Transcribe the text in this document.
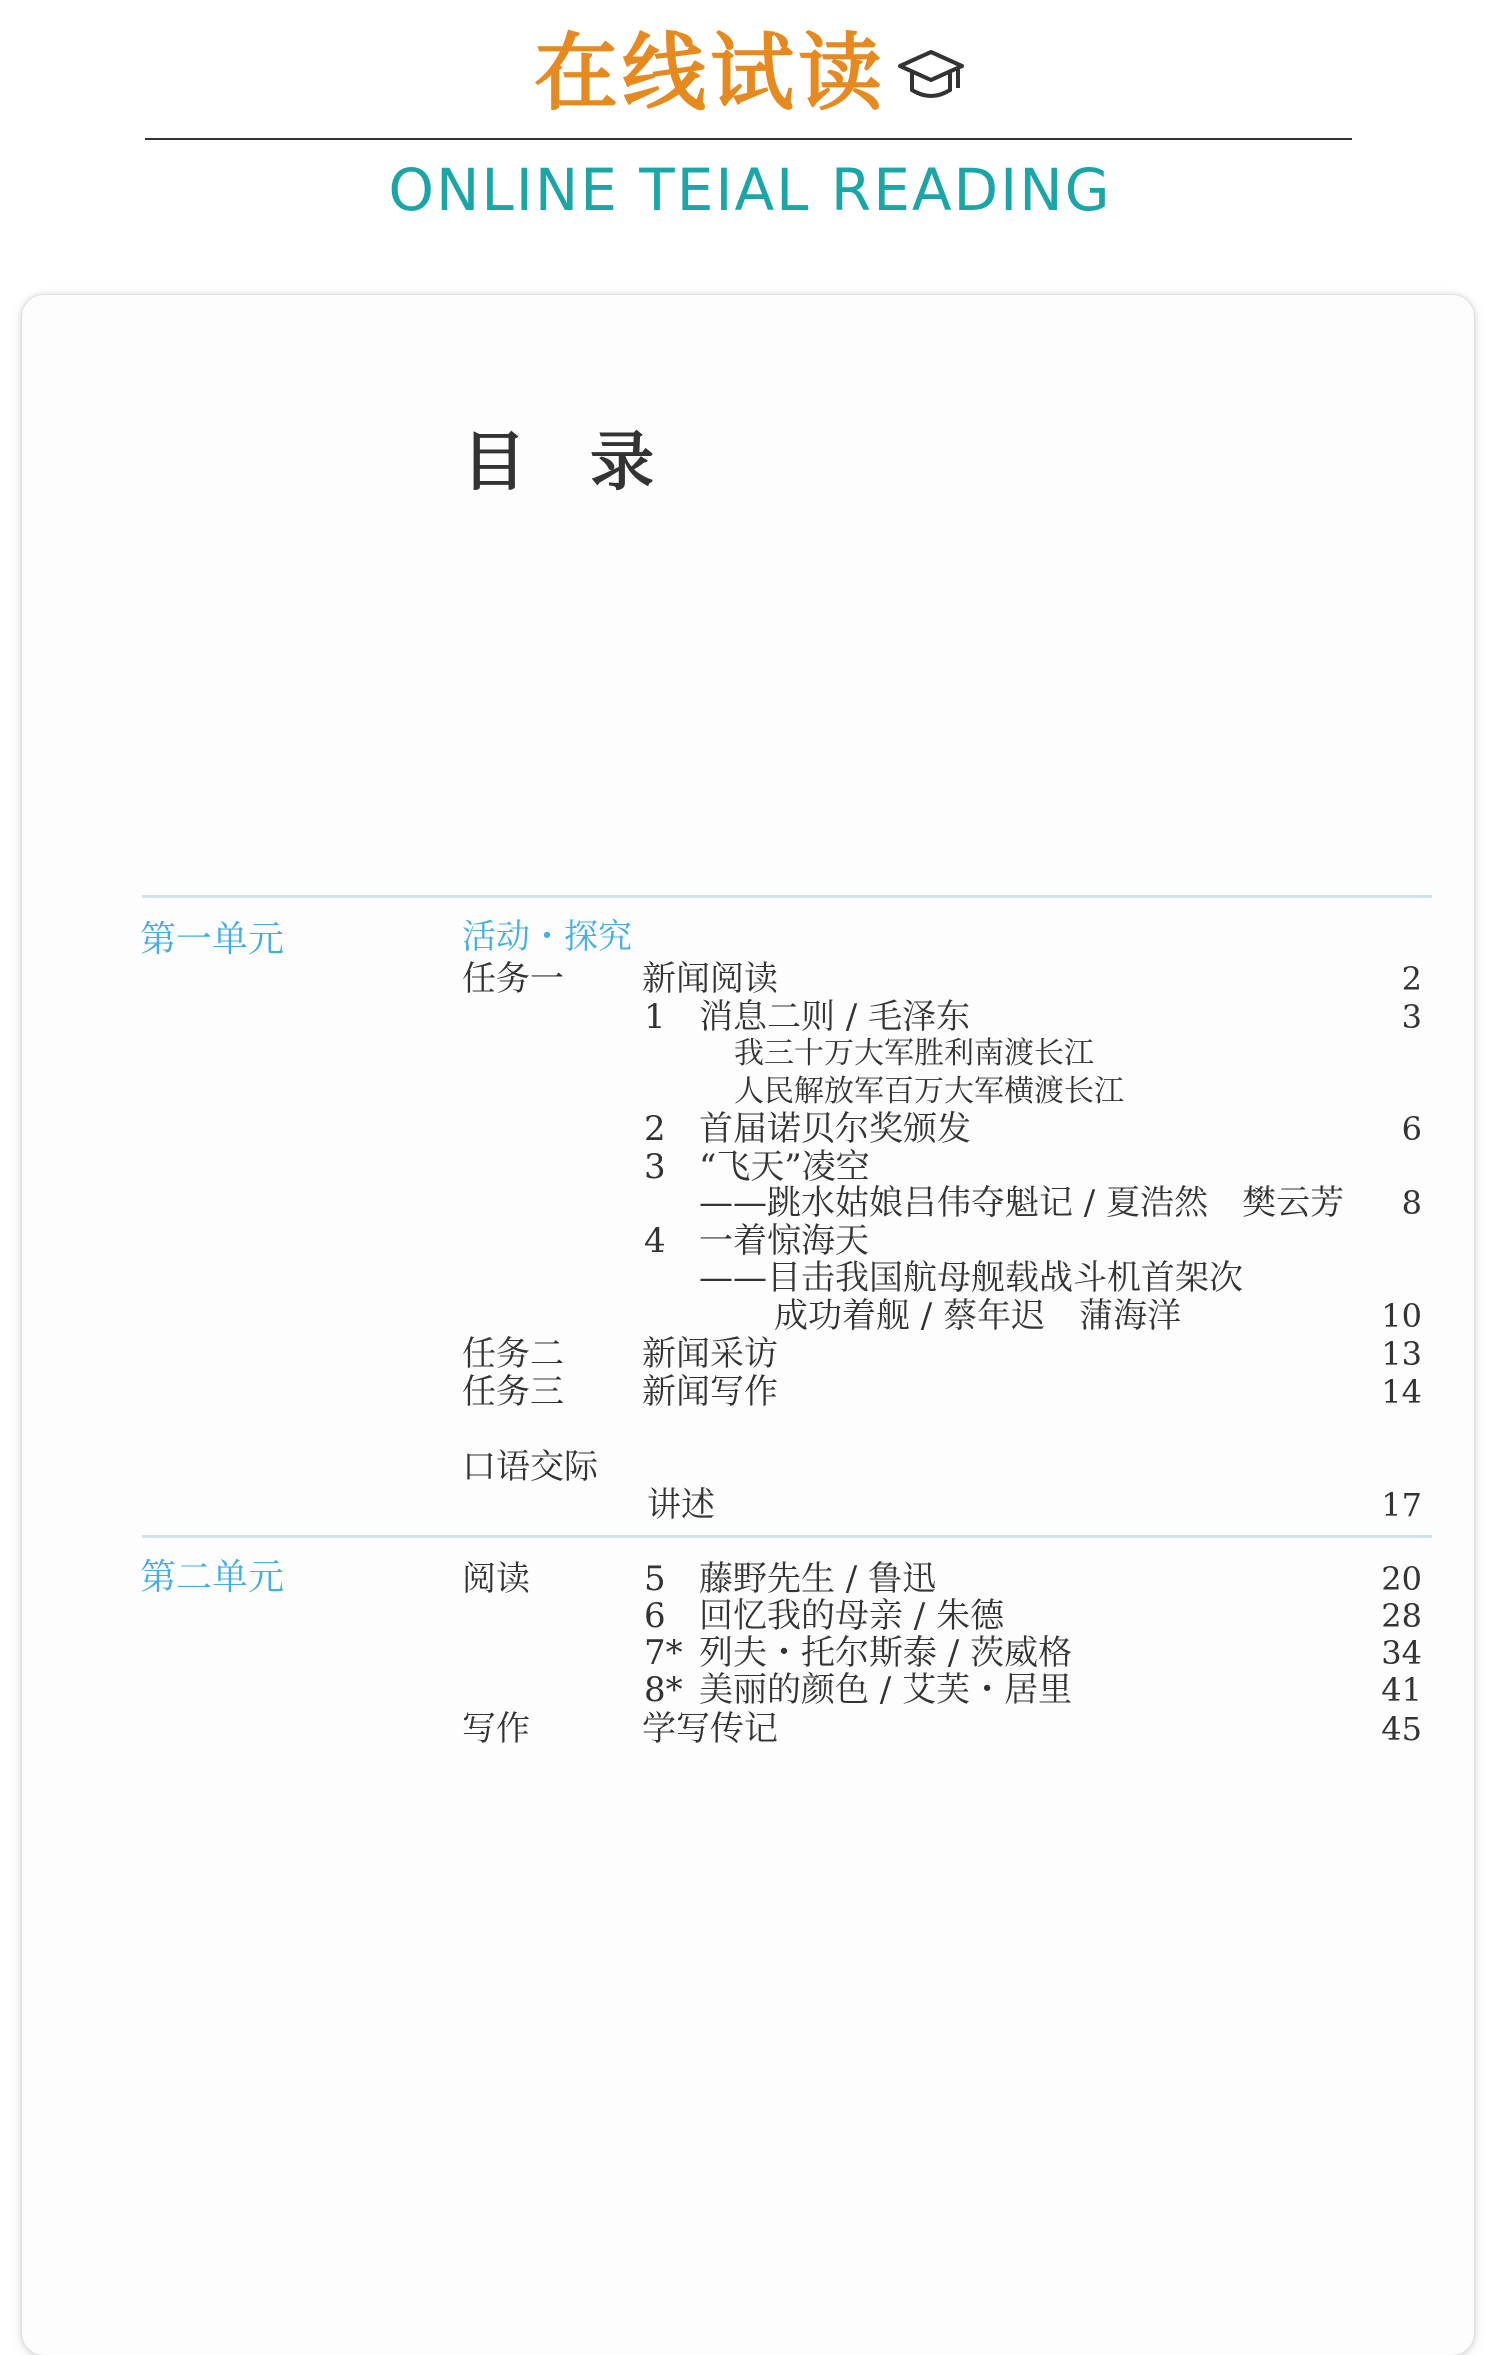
在线试读
ONLINE TEIAL READING
目录
第一单元	活动・探究
任务一 新闻阅读	2
1 消息二则 / 毛泽东	3
我三十万大军胜利南渡长江
人民解放军百万大军横渡长江
2 首届诺贝尔奖颁发	6
3 “飞天”凌空
——跳水姑娘吕伟夺魁记 / 夏浩然　樊云芳	8
4 一着惊海天
——目击我国航母舰载战斗机首架次
成功着舰 / 蔡年迟　蒲海洋	10
任务二 新闻采访	13
任务三 新闻写作	14
口语交际
讲述	17
第二单元	阅读	5 藤野先生 / 鲁迅	20
6 回忆我的母亲 / 朱德	28
7* 列夫・托尔斯泰 / 茨威格	34
8* 美丽的颜色 / 艾芙・居里	41
写作	学写传记	45
